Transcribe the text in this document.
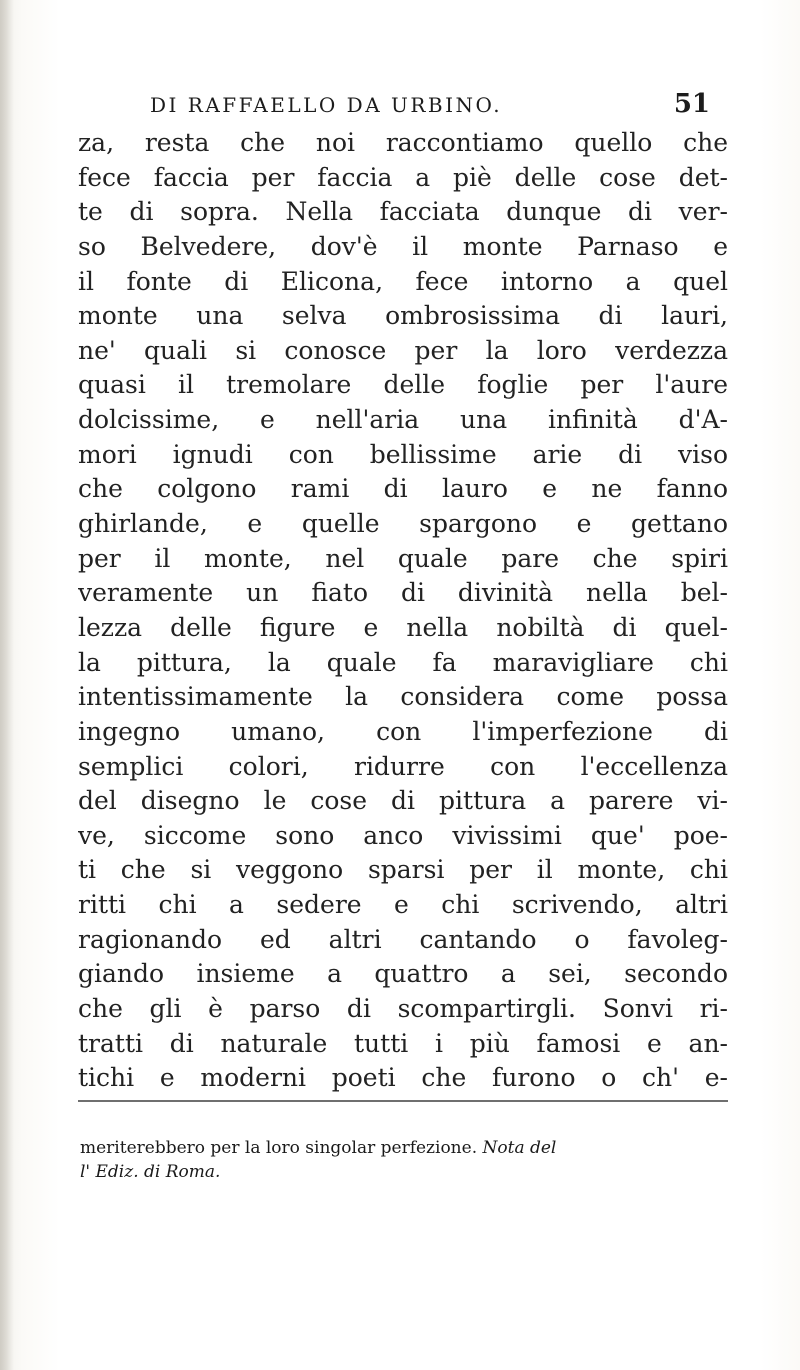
DI RAFFAELLO DA URBINO.	51
za, resta che noi raccontiamo quello che
fece faccia per faccia a piè delle cose det-
te di sopra. Nella facciata dunque di ver-
so Belvedere, dov'è il monte Parnaso e
il fonte di Elicona, fece intorno a quel
monte una selva ombrosissima di lauri,
ne' quali si conosce per la loro verdezza
quasi il tremolare delle foglie per l'aure
dolcissime, e nell'aria una infinità d'A-
mori ignudi con bellissime arie di viso
che colgono rami di lauro e ne fanno
ghirlande, e quelle spargono e gettano
per il monte, nel quale pare che spiri
veramente un fiato di divinità nella bel-
lezza delle figure e nella nobiltà di quel-
la pittura, la quale fa maravigliare chi
intentissimamente la considera come possa
ingegno umano, con l'imperfezione di
semplici colori, ridurre con l'eccellenza
del disegno le cose di pittura a parere vi-
ve, siccome sono anco vivissimi que' poe-
ti che si veggono sparsi per il monte, chi
ritti chi a sedere e chi scrivendo, altri
ragionando ed altri cantando o favoleg-
giando insieme a quattro a sei, secondo
che gli è parso di scompartirgli. Sonvi ri-
tratti di naturale tutti i più famosi e an-
tichi e moderni poeti che furono o ch' e-
meriterebbero per la loro singolar perfezione. Nota del
l' Ediz. di Roma.
